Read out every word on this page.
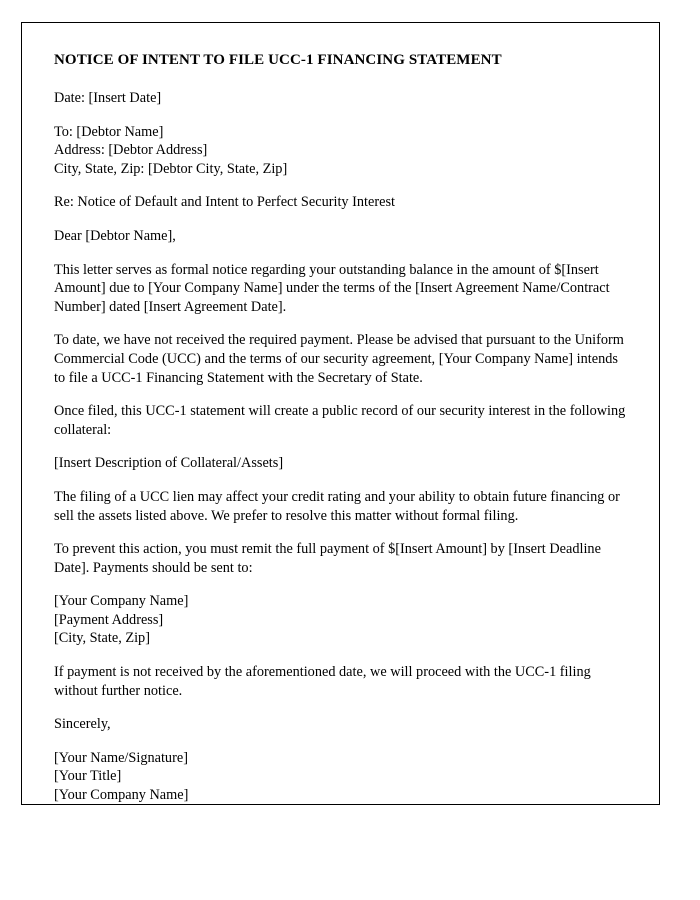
NOTICE OF INTENT TO FILE UCC-1 FINANCING STATEMENT

Date: [Insert Date]

To: [Debtor Name]
Address: [Debtor Address]
City, State, Zip: [Debtor City, State, Zip]

Re: Notice of Default and Intent to Perfect Security Interest

Dear [Debtor Name],

This letter serves as formal notice regarding your outstanding balance in the amount of $[Insert Amount] due to [Your Company Name] under the terms of the [Insert Agreement Name/Contract Number] dated [Insert Agreement Date].

To date, we have not received the required payment. Please be advised that pursuant to the Uniform Commercial Code (UCC) and the terms of our security agreement, [Your Company Name] intends to file a UCC-1 Financing Statement with the Secretary of State.

Once filed, this UCC-1 statement will create a public record of our security interest in the following collateral:

[Insert Description of Collateral/Assets]

The filing of a UCC lien may affect your credit rating and your ability to obtain future financing or sell the assets listed above. We prefer to resolve this matter without formal filing.

To prevent this action, you must remit the full payment of $[Insert Amount] by [Insert Deadline Date]. Payments should be sent to:

[Your Company Name]
[Payment Address]
[City, State, Zip]

If payment is not received by the aforementioned date, we will proceed with the UCC-1 filing without further notice.

Sincerely,

[Your Name/Signature]
[Your Title]
[Your Company Name]
